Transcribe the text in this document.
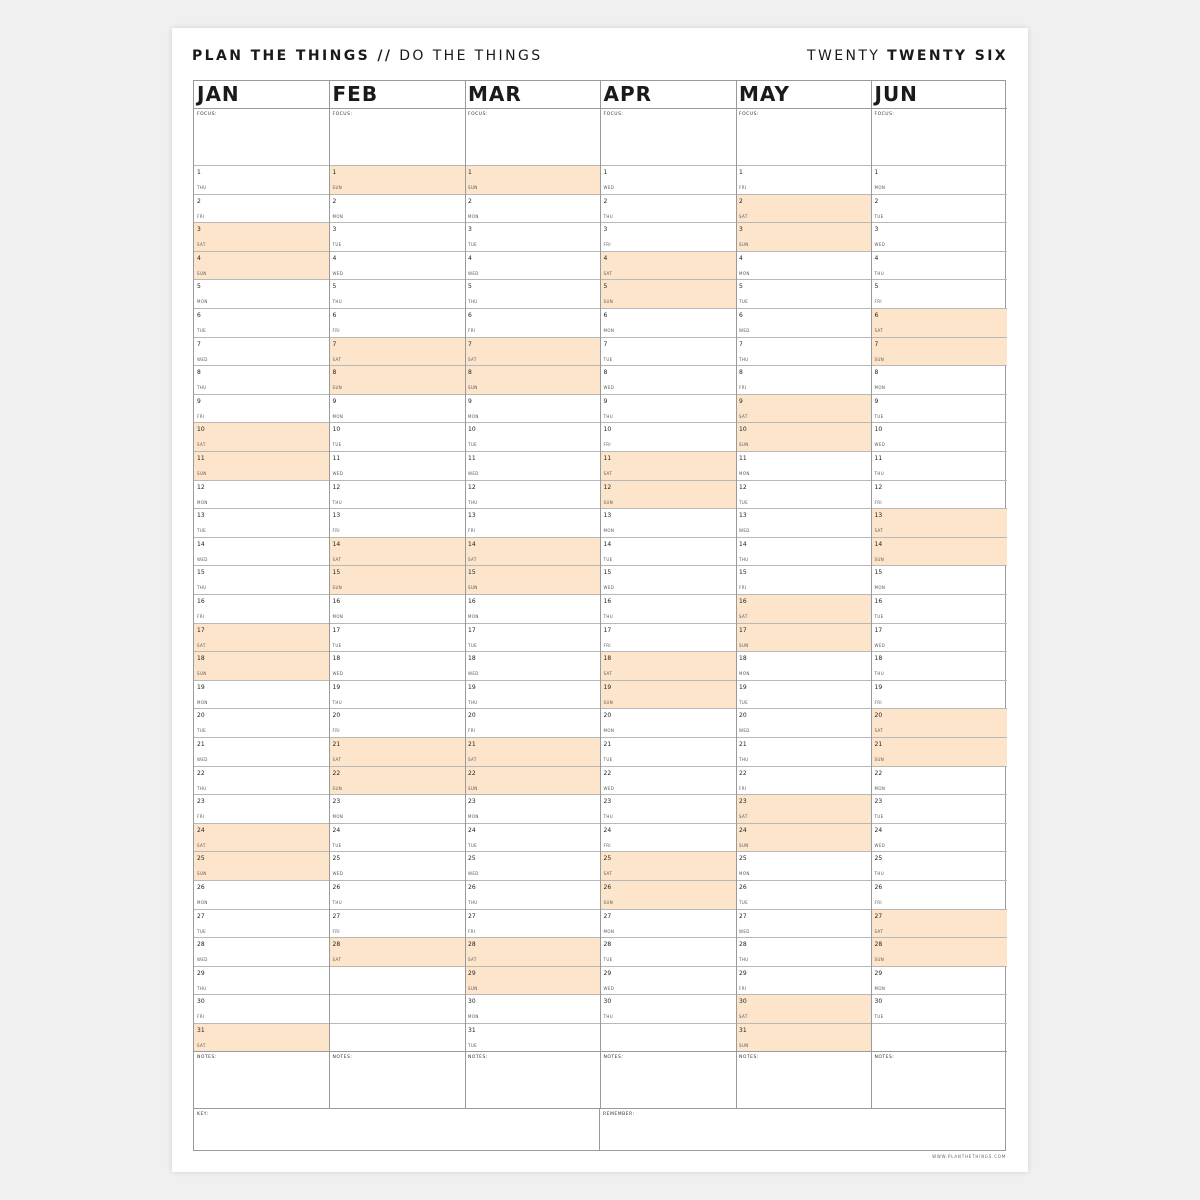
PLAN THE THINGS // DO THE THINGS	TWENTY TWENTY SIX
KEY:	REMEMBER:
JAN
FOCUS:
1
THU
2
FRI
3
SAT
4
SUN
5
MON
6
TUE
7
WED
8
THU
9
FRI
10
SAT
11
SUN
12
MON
13
TUE
14
WED
15
THU
16
FRI
17
SAT
18
SUN
19
MON
20
TUE
21
WED
22
THU
23
FRI
24
SAT
25
SUN
26
MON
27
TUE
28
WED
29
THU
30
FRI
31
SAT
NOTES:
FEB
FOCUS:
1
SUN
2
MON
3
TUE
4
WED
5
THU
6
FRI
7
SAT
8
SUN
9
MON
10
TUE
11
WED
12
THU
13
FRI
14
SAT
15
SUN
16
MON
17
TUE
18
WED
19
THU
20
FRI
21
SAT
22
SUN
23
MON
24
TUE
25
WED
26
THU
27
FRI
28
SAT
NOTES:
MAR
FOCUS:
1
SUN
2
MON
3
TUE
4
WED
5
THU
6
FRI
7
SAT
8
SUN
9
MON
10
TUE
11
WED
12
THU
13
FRI
14
SAT
15
SUN
16
MON
17
TUE
18
WED
19
THU
20
FRI
21
SAT
22
SUN
23
MON
24
TUE
25
WED
26
THU
27
FRI
28
SAT
29
SUN
30
MON
31
TUE
NOTES:
APR
FOCUS:
1
WED
2
THU
3
FRI
4
SAT
5
SUN
6
MON
7
TUE
8
WED
9
THU
10
FRI
11
SAT
12
SUN
13
MON
14
TUE
15
WED
16
THU
17
FRI
18
SAT
19
SUN
20
MON
21
TUE
22
WED
23
THU
24
FRI
25
SAT
26
SUN
27
MON
28
TUE
29
WED
30
THU
NOTES:
MAY
FOCUS:
1
FRI
2
SAT
3
SUN
4
MON
5
TUE
6
WED
7
THU
8
FRI
9
SAT
10
SUN
11
MON
12
TUE
13
WED
14
THU
15
FRI
16
SAT
17
SUN
18
MON
19
TUE
20
WED
21
THU
22
FRI
23
SAT
24
SUN
25
MON
26
TUE
27
WED
28
THU
29
FRI
30
SAT
31
SUN
NOTES:
JUN
FOCUS:
1
MON
2
TUE
3
WED
4
THU
5
FRI
6
SAT
7
SUN
8
MON
9
TUE
10
WED
11
THU
12
FRI
13
SAT
14
SUN
15
MON
16
TUE
17
WED
18
THU
19
FRI
20
SAT
21
SUN
22
MON
23
TUE
24
WED
25
THU
26
FRI
27
SAT
28
SUN
29
MON
30
TUE
NOTES:
WWW.PLANTHETHINGS.COM
